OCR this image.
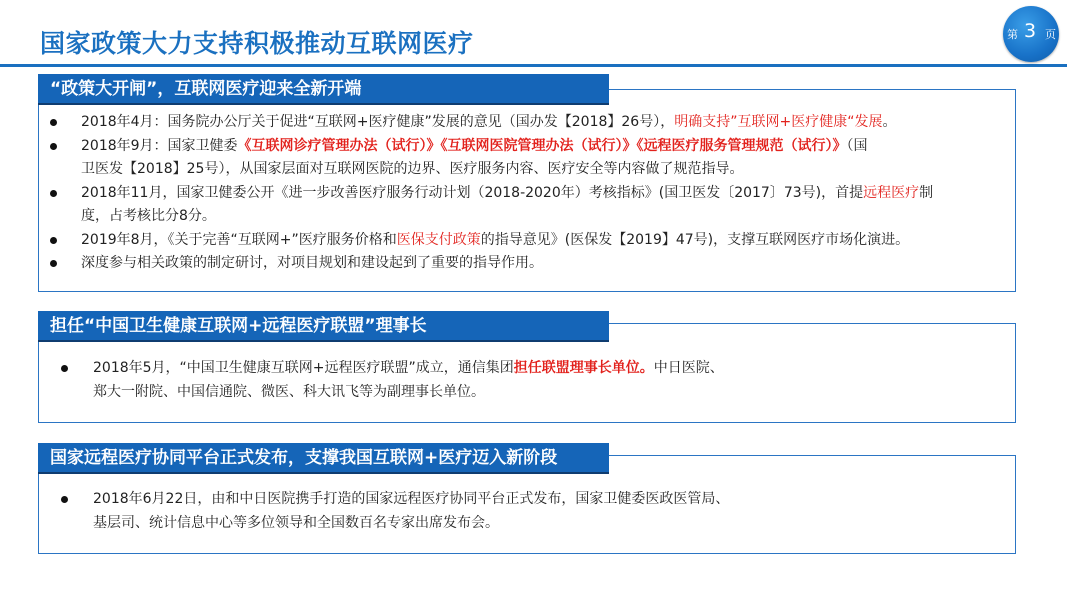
国家政策大力支持积极推动互联网医疗	第 3 页
“政策大开闸”，互联网医疗迎来全新开端
2018年4月：国务院办公厅关于促进“互联网+医疗健康”发展的意见（国办发【2018】26号），明确支持”互联网+医疗健康“发展。
2018年9月：国家卫健委《互联网诊疗管理办法（试行）》《互联网医院管理办法（试行）》《远程医疗服务管理规范（试行）》（国
卫医发【2018】25号），从国家层面对互联网医院的边界、医疗服务内容、医疗安全等内容做了规范指导。
2018年11月，国家卫健委公开《进一步改善医疗服务行动计划（2018-2020年）考核指标》(国卫医发〔2017〕73号)，首提远程医疗制
度，占考核比分8分。
2019年8月，《关于完善“互联网+”医疗服务价格和医保支付政策的指导意见》(医保发【2019】47号)，支撑互联网医疗市场化演进。
深度参与相关政策的制定研讨，对项目规划和建设起到了重要的指导作用。
担任“中国卫生健康互联网+远程医疗联盟”理事长
2018年5月，“中国卫生健康互联网+远程医疗联盟”成立，通信集团担任联盟理事长单位。中日医院、
郑大一附院、中国信通院、微医、科大讯飞等为副理事长单位。
国家远程医疗协同平台正式发布，支撑我国互联网+医疗迈入新阶段
2018年6月22日，由和中日医院携手打造的国家远程医疗协同平台正式发布，国家卫健委医政医管局、
基层司、统计信息中心等多位领导和全国数百名专家出席发布会。
